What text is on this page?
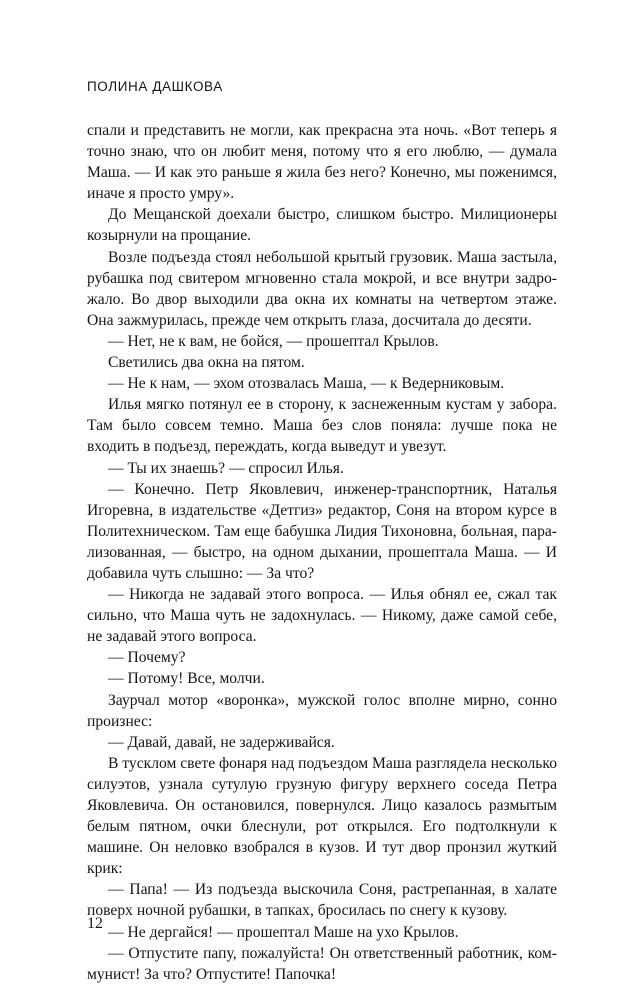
ПОЛИНА ДАШКОВА

спали и представить не могли, как прекрасна эта ночь. «Вот теперь я точно знаю, что он любит меня, потому что я его люблю, — думала Маша. — И как это раньше я жила без него? Конечно, мы поженимся, иначе я просто умру».

До Мещанской доехали быстро, слишком быстро. Милиционеры козырнули на прощание.

Возле подъезда стоял небольшой крытый грузовик. Маша застыла, рубашка под свитером мгновенно стала мокрой, и все внутри задрожало. Во двор выходили два окна их комнаты на четвертом этаже. Она зажмурилась, прежде чем открыть глаза, досчитала до десяти.

— Нет, не к вам, не бойся, — прошептал Крылов.

Светились два окна на пятом.

— Не к нам, — эхом отозвалась Маша, — к Ведерниковым.

Илья мягко потянул ее в сторону, к заснеженным кустам у забора. Там было совсем темно. Маша без слов поняла: лучше пока не входить в подъезд, переждать, когда выведут и увезут.

— Ты их знаешь? — спросил Илья.

— Конечно. Петр Яковлевич, инженер-транспортник, Наталья Игоревна, в издательстве «Детгиз» редактор, Соня на втором курсе в Политехническом. Там еще бабушка Лидия Тихоновна, больная, парализованная, — быстро, на одном дыхании, прошептала Маша. — И добавила чуть слышно: — За что?

— Никогда не задавай этого вопроса. — Илья обнял ее, сжал так сильно, что Маша чуть не задохнулась. — Никому, даже самой себе, не задавай этого вопроса.

— Почему?

— Потому! Все, молчи.

Заурчал мотор «воронка», мужской голос вполне мирно, сонно произнес:

— Давай, давай, не задерживайся.

В тусклом свете фонаря над подъездом Маша разглядела несколько силуэтов, узнала сутулую грузную фигуру верхнего соседа Петра Яковлевича. Он остановился, повернулся. Лицо казалось размытым белым пятном, очки блеснули, рот открылся. Его подтолкнули к машине. Он неловко взобрался в кузов. И тут двор пронзил жуткий крик:

— Папа! — Из подъезда выскочила Соня, растрепанная, в халате поверх ночной рубашки, в тапках, бросилась по снегу к кузову.

— Не дергайся! — прошептал Маше на ухо Крылов.

— Отпустите папу, пожалуйста! Он ответственный работник, коммунист! За что? Отпустите! Папочка!

12
